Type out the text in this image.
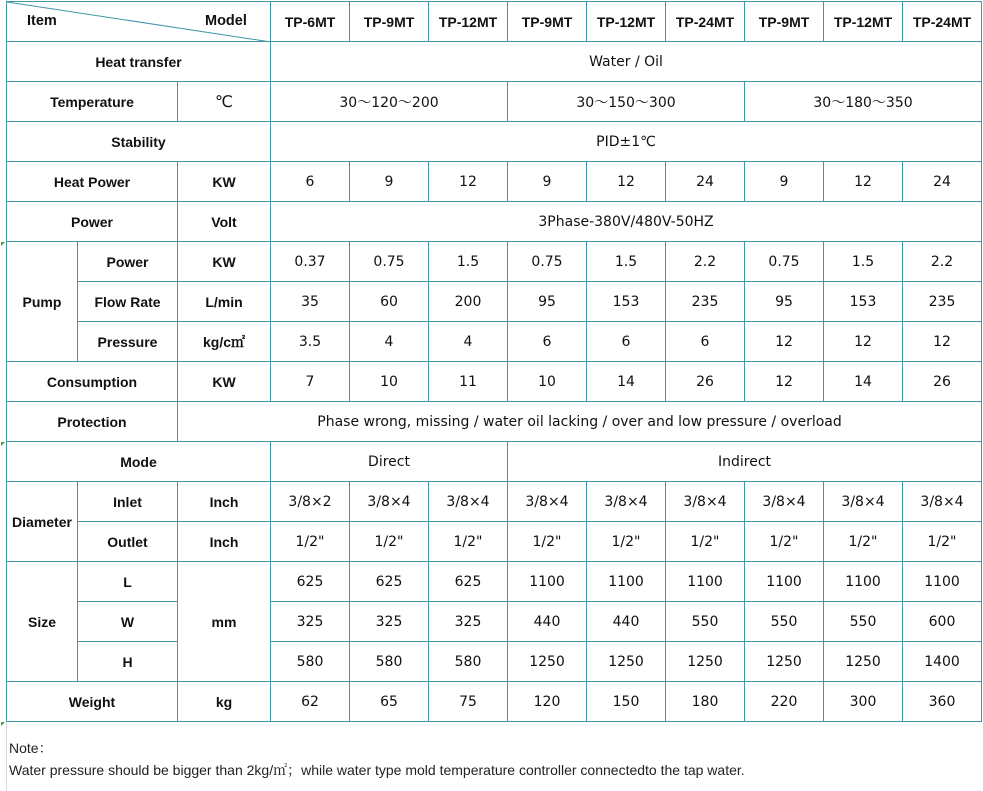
Item Model			TP-6MT	TP-9MT	TP-12MT	TP-9MT	TP-12MT	TP-24MT	TP-9MT	TP-12MT	TP-24MT
Heat transfer			Water / Oil								
Temperature		℃	30～120～200			30～150～300			30～180～350		
Stability			PID±1℃								
Heat Power		KW	6	9	12	9	12	24	9	12	24
Power		Volt	3Phase-380V/480V-50HZ								
Pump	Power	KW	0.37	0.75	1.5	0.75	1.5	2.2	0.75	1.5	2.2
	Flow Rate	L/min	35	60	200	95	153	235	95	153	235
	Pressure	kg/c㎡	3.5	4	4	6	6	6	12	12	12
Consumption		KW	7	10	11	10	14	26	12	14	26
Protection		Phase wrong, missing / water oil lacking / over and low pressure / overload									
Mode			Direct			Indirect					
Diameter	Inlet	Inch	3/8×2	3/8×4	3/8×4	3/8×4	3/8×4	3/8×4	3/8×4	3/8×4	3/8×4
	Outlet	Inch	1/2"	1/2"	1/2"	1/2"	1/2"	1/2"	1/2"	1/2"	1/2"
Size	L	mm	625	625	625	1100	1100	1100	1100	1100	1100
	W		325	325	325	440	440	550	550	550	600
	H		580	580	580	1250	1250	1250	1250	1250	1400
Weight		kg	62	65	75	120	150	180	220	300	360
Note：
Water pressure should be bigger than 2kg/㎡；while water type mold temperature controller connectedto the tap water.
